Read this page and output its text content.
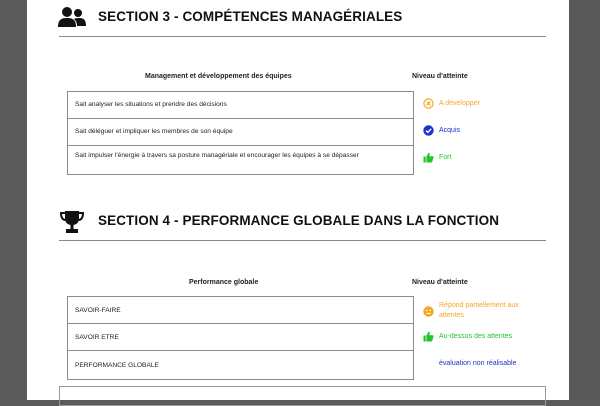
SECTION 3 - COMPÉTENCES MANAGÉRIALES
Management et développement des équipes	Niveau d'atteinte
Sait analyser les situations et prendre des décisions
Sait déléguer et impliquer les membres de son équipe
Sait impulser l'énergie à travers sa posture managériale et encourager les équipes à se dépasser
A développer
Acquis
Fort
SECTION 4 - PERFORMANCE GLOBALE DANS LA FONCTION
Performance globale	Niveau d'atteinte
SAVOIR-FAIRE
SAVOIR ETRE
PERFORMANCE GLOBALE
Répond partiellement aux
attentes
Au-dessus des attentes
évaluation non réalisable
